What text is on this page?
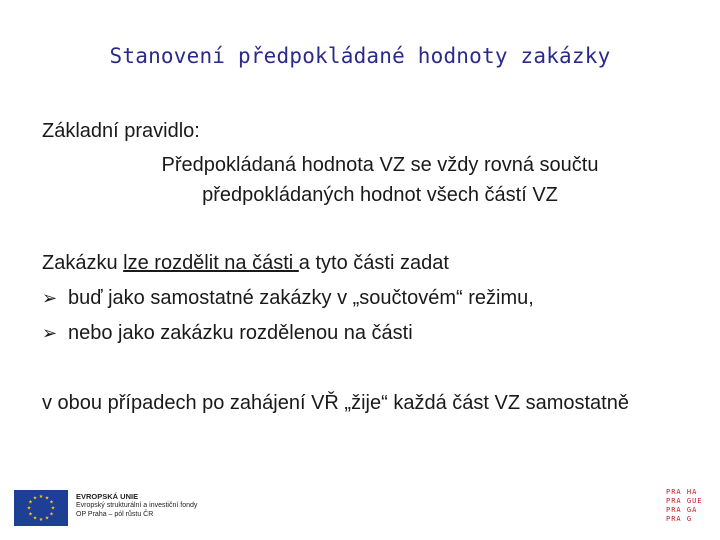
Stanovení předpokládané hodnoty zakázky
Základní pravidlo:
Předpokládaná hodnota VZ se vždy rovná součtu
předpokládaných hodnot všech částí VZ
Zakázku lze rozdělit na části a tyto části zadat
➢ buď jako samostatné zakázky v „součtovém“ režimu,
➢ nebo jako zakázku rozdělenou na části
v obou případech po zahájení VŘ „žije“ každá část VZ samostatně
★ ★
★
★
★
★
★
★
★
★
★
★	EVROPSKÁ UNIE
Evropský strukturální a investiční fondy
OP Praha – pól růstu ČR
PRA HA
PRA GUE
PRA GA
PRA G
